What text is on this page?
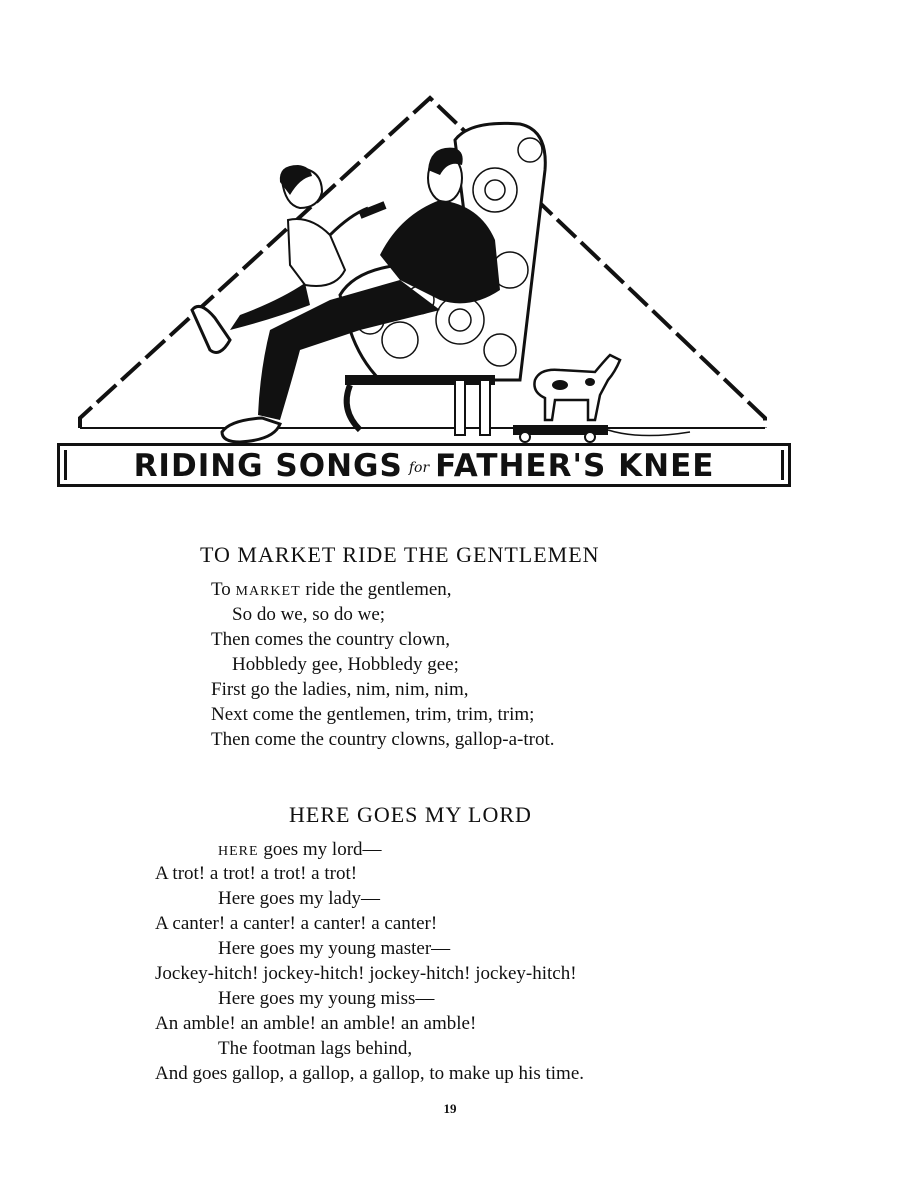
RIDING SONGS for FATHER'S KNEE
TO MARKET RIDE THE GENTLEMEN
To MARKET ride the gentlemen,
So do we, so do we;
Then comes the country clown,
Hobbledy gee, Hobbledy gee;
First go the ladies, nim, nim, nim,
Next come the gentlemen, trim, trim, trim;
Then come the country clowns, gallop-a-trot.
HERE GOES MY LORD
HERE goes my lord—
A trot! a trot! a trot! a trot!
Here goes my lady—
A canter! a canter! a canter! a canter!
Here goes my young master—
Jockey-hitch! jockey-hitch! jockey-hitch! jockey-hitch!
Here goes my young miss—
An amble! an amble! an amble! an amble!
The footman lags behind,
And goes gallop, a gallop, a gallop, to make up his time.
19
